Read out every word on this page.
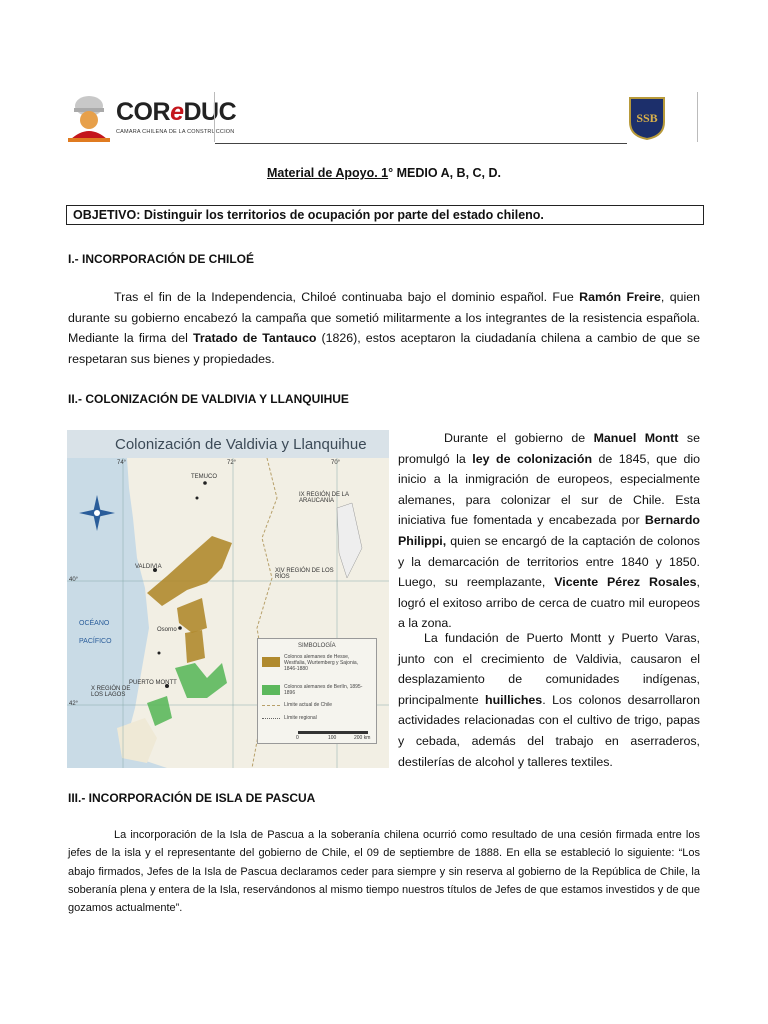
COReDUC
CAMARA CHILENA DE LA CONSTRUCCION
SSB
Material de Apoyo. 1° MEDIO A, B, C, D.
OBJETIVO: Distinguir los territorios de ocupación por parte del estado chileno.
I.- INCORPORACIÓN DE CHILOÉ
Tras el fin de la Independencia, Chiloé continuaba bajo el dominio español. Fue Ramón Freire, quien durante su gobierno encabezó la campaña que sometió militarmente a los integrantes de la resistencia española. Mediante la firma del Tratado de Tantauco (1826), estos aceptaron la ciudadanía chilena a cambio de que se respetaran sus bienes y propiedades.
II.- COLONIZACIÓN DE VALDIVIA Y LLANQUIHUE
Colonización de Valdivia y Llanquihue
TEMUCO
VALDIVIA
Osorno
PUERTO MONTT
OCÉANO
PACÍFICO
IX REGIÓN DE LA ARAUCANÍA
XIV REGIÓN DE LOS RÍOS
X REGIÓN DE LOS LAGOS
40°
42°
74°	72°	70°
SIMBOLOGÍA
Colonos alemanes de Hesse, Westfalia, Wurtemberg y Sajonia, 1846-1880
Colonos alemanes de Berlín, 1895-1896
Límite actual de Chile
Límite regional
0	100	200 km
Durante el gobierno de Manuel Montt se promulgó la ley de colonización de 1845, que dio inicio a la inmigración de europeos, especialmente alemanes, para colonizar el sur de Chile. Esta iniciativa fue fomentada y encabezada por Bernardo Philippi, quien se encargó de la captación de colonos y la demarcación de territorios entre 1840 y 1850. Luego, su reemplazante, Vicente Pérez Rosales, logró el exitoso arribo de cerca de cuatro mil europeos a la zona.
La fundación de Puerto Montt y Puerto Varas, junto con el crecimiento de Valdivia, causaron el desplazamiento de comunidades indígenas, principalmente huilliches. Los colonos desarrollaron actividades relacionadas con el cultivo de trigo, papas y cebada, además del trabajo en aserraderos, destilerías de alcohol y talleres textiles.
III.- INCORPORACIÓN DE ISLA DE PASCUA
La incorporación de la Isla de Pascua a la soberanía chilena ocurrió como resultado de una cesión firmada entre los jefes de la isla y el representante del gobierno de Chile, el 09 de septiembre de 1888. En ella se estableció lo siguiente: “Los abajo firmados, Jefes de la Isla de Pascua declaramos ceder para siempre y sin reserva al gobierno de la República de Chile, la soberanía plena y entera de la Isla, reservándonos al mismo tiempo nuestros títulos de Jefes de que estamos investidos y de que gozamos actualmente”.
